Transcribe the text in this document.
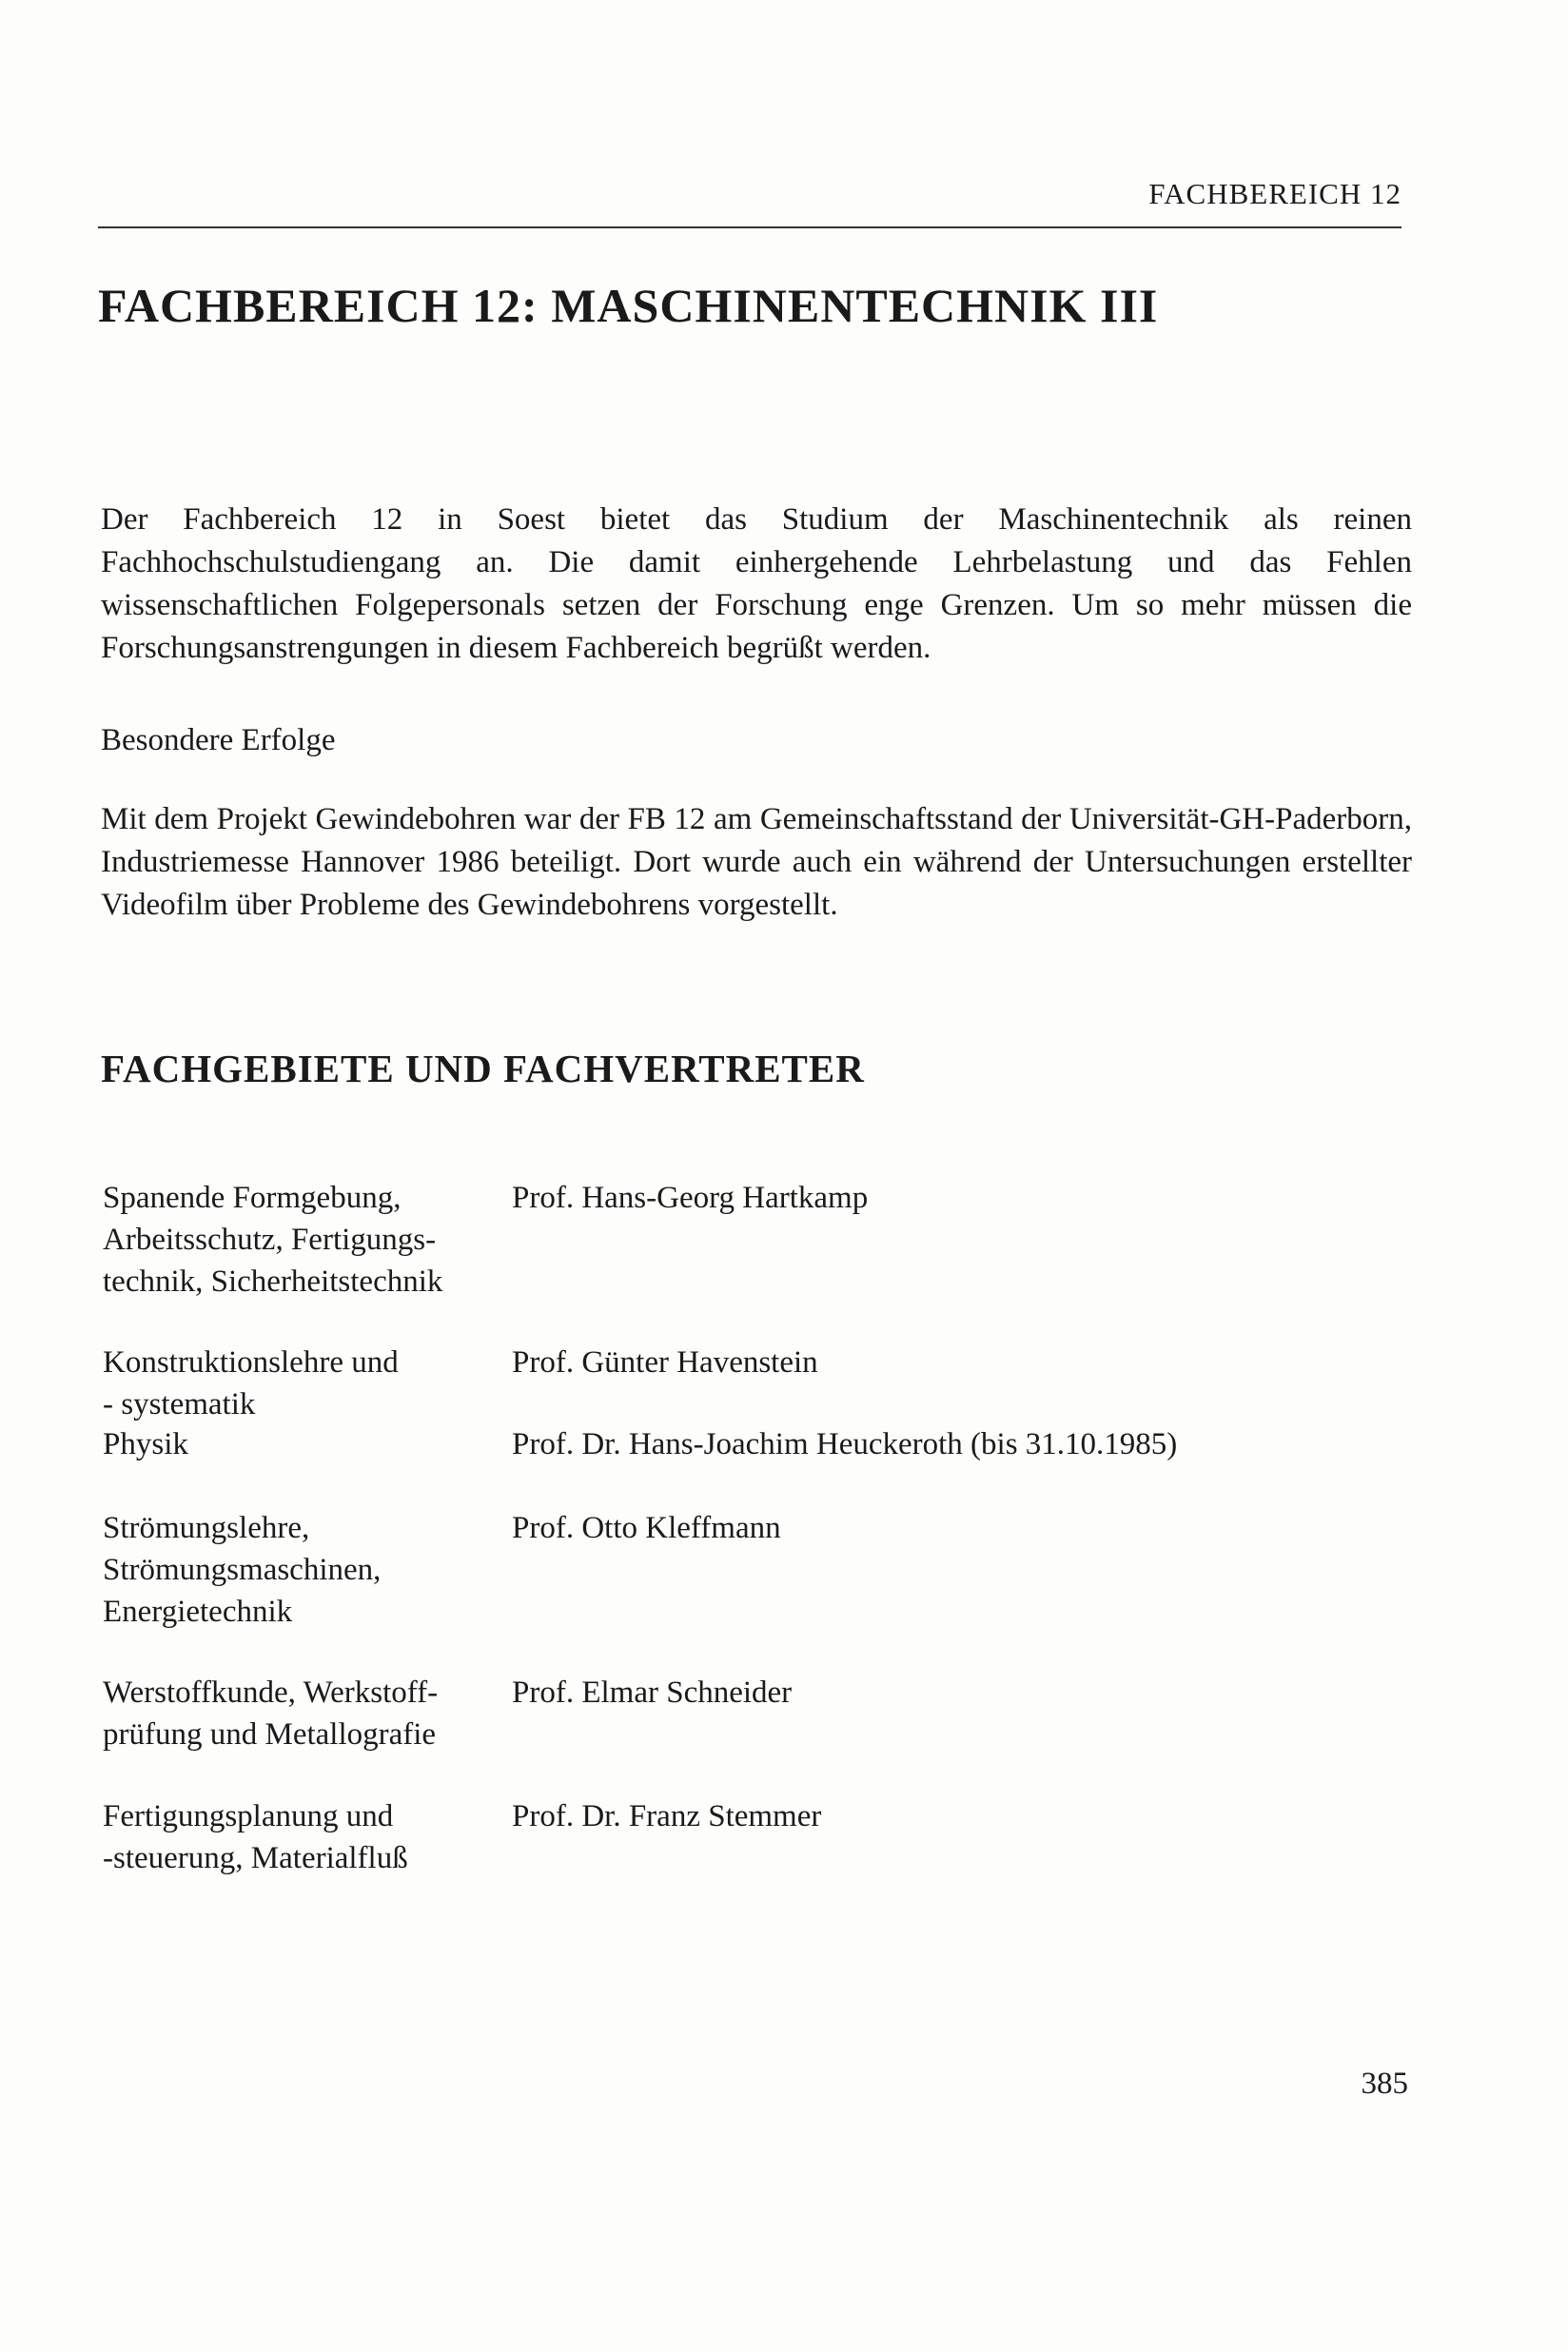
FACHBEREICH 12
FACHBEREICH 12: MASCHINENTECHNIK III

Der Fachbereich 12 in Soest bietet das Studium der Maschinentechnik als reinen Fachhochschulstudiengang an. Die damit einhergehende Lehrbelastung und das Fehlen wissenschaftlichen Folgepersonals setzen der Forschung enge Grenzen. Um so mehr müssen die Forschungsanstrengungen in diesem Fachbereich begrüßt werden.

Besondere Erfolge

Mit dem Projekt Gewindebohren war der FB 12 am Gemeinschaftsstand der Universität-GH-Paderborn, Industriemesse Hannover 1986 beteiligt. Dort wurde auch ein während der Untersuchungen erstellter Videofilm über Probleme des Gewindebohrens vorgestellt.

FACHGEBIETE UND FACHVERTRETER
Spanende Formgebung,
Arbeitsschutz, Fertigungs-
technik, Sicherheitstechnik
Prof. Hans-Georg Hartkamp
Konstruktionslehre und
- systematik
Prof. Günter Havenstein
Physik	Prof. Dr. Hans-Joachim Heuckeroth (bis 31.10.1985)
Strömungslehre,
Strömungsmaschinen,
Energietechnik
Prof. Otto Kleffmann
Werstoffkunde, Werkstoff-
prüfung und Metallografie
Prof. Elmar Schneider
Fertigungsplanung und
-steuerung, Materialfluß
Prof. Dr. Franz Stemmer
385
